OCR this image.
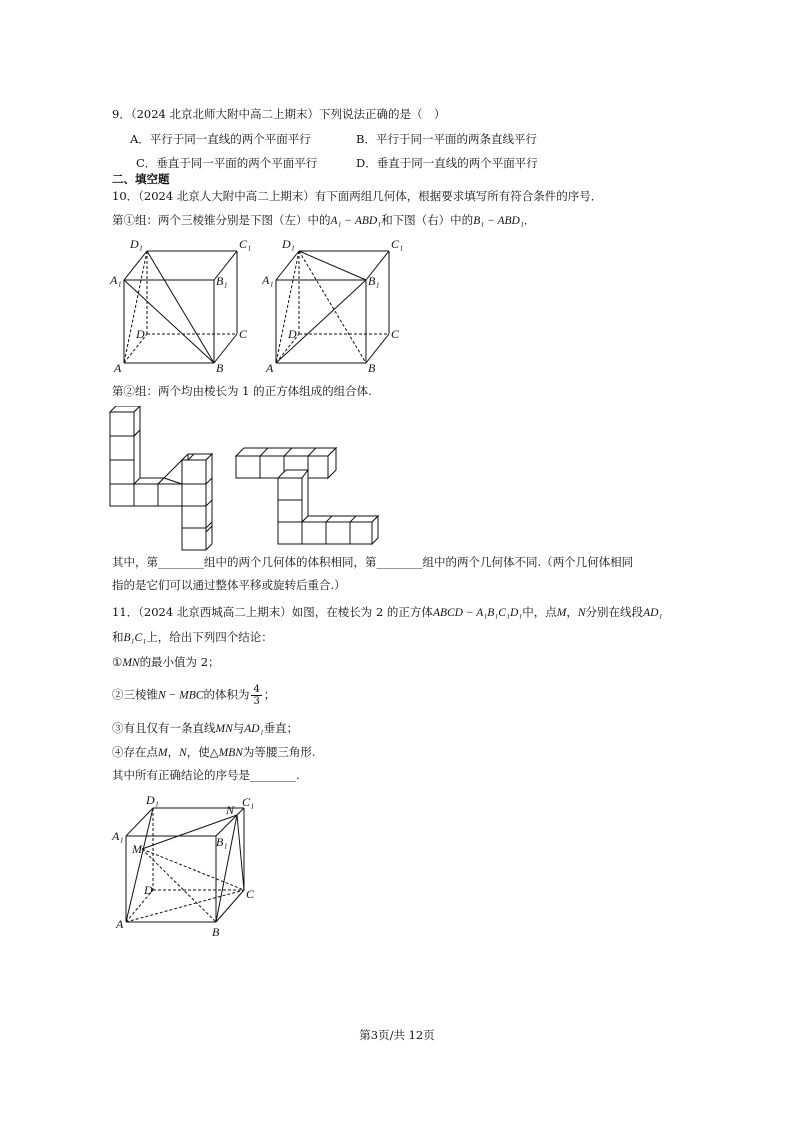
9．（2024 北京北师大附中高二上期末）下列说法正确的是（　）
A．平行于同一直线的两个平面平行	B．平行于同一平面的两条直线平行
C．垂直于同一平面的两个平面平行	D．垂直于同一直线的两个平面平行
二、填空题
10．（2024 北京人大附中高二上期末）有下面两组几何体，根据要求填写所有符合条件的序号．
第①组：两个三棱锥分别是下图（左）中的A₁ − ABD₁和下图（右）中的B₁ − ABD₁．
D₁	C₁
A₁	B₁
D	C
A	B
D₁	C₁
A₁	B₁
D	C
A	B
第②组：两个均由棱长为 1 的正方体组成的组合体.
其中，第________组中的两个几何体的体积相同，第________组中的两个几何体不同.（两个几何体相同
指的是它们可以通过整体平移或旋转后重合.）
11．（2024 北京西城高二上期末）如图，在棱长为 2 的正方体ABCD − A₁B₁C₁D₁中，点M，N分别在线段AD₁
和B₁C₁上，给出下列四个结论：
①MN的最小值为 2；
②三棱锥N − MBC的体积为 $\frac{4}{3}$ ；
③有且仅有一条直线MN与AD₁垂直；
④存在点M，N，使△MBN为等腰三角形.
其中所有正确结论的序号是________.
D₁
N
C₁
A₁
M	B₁
D	C
A
B
第3页/共 12页
